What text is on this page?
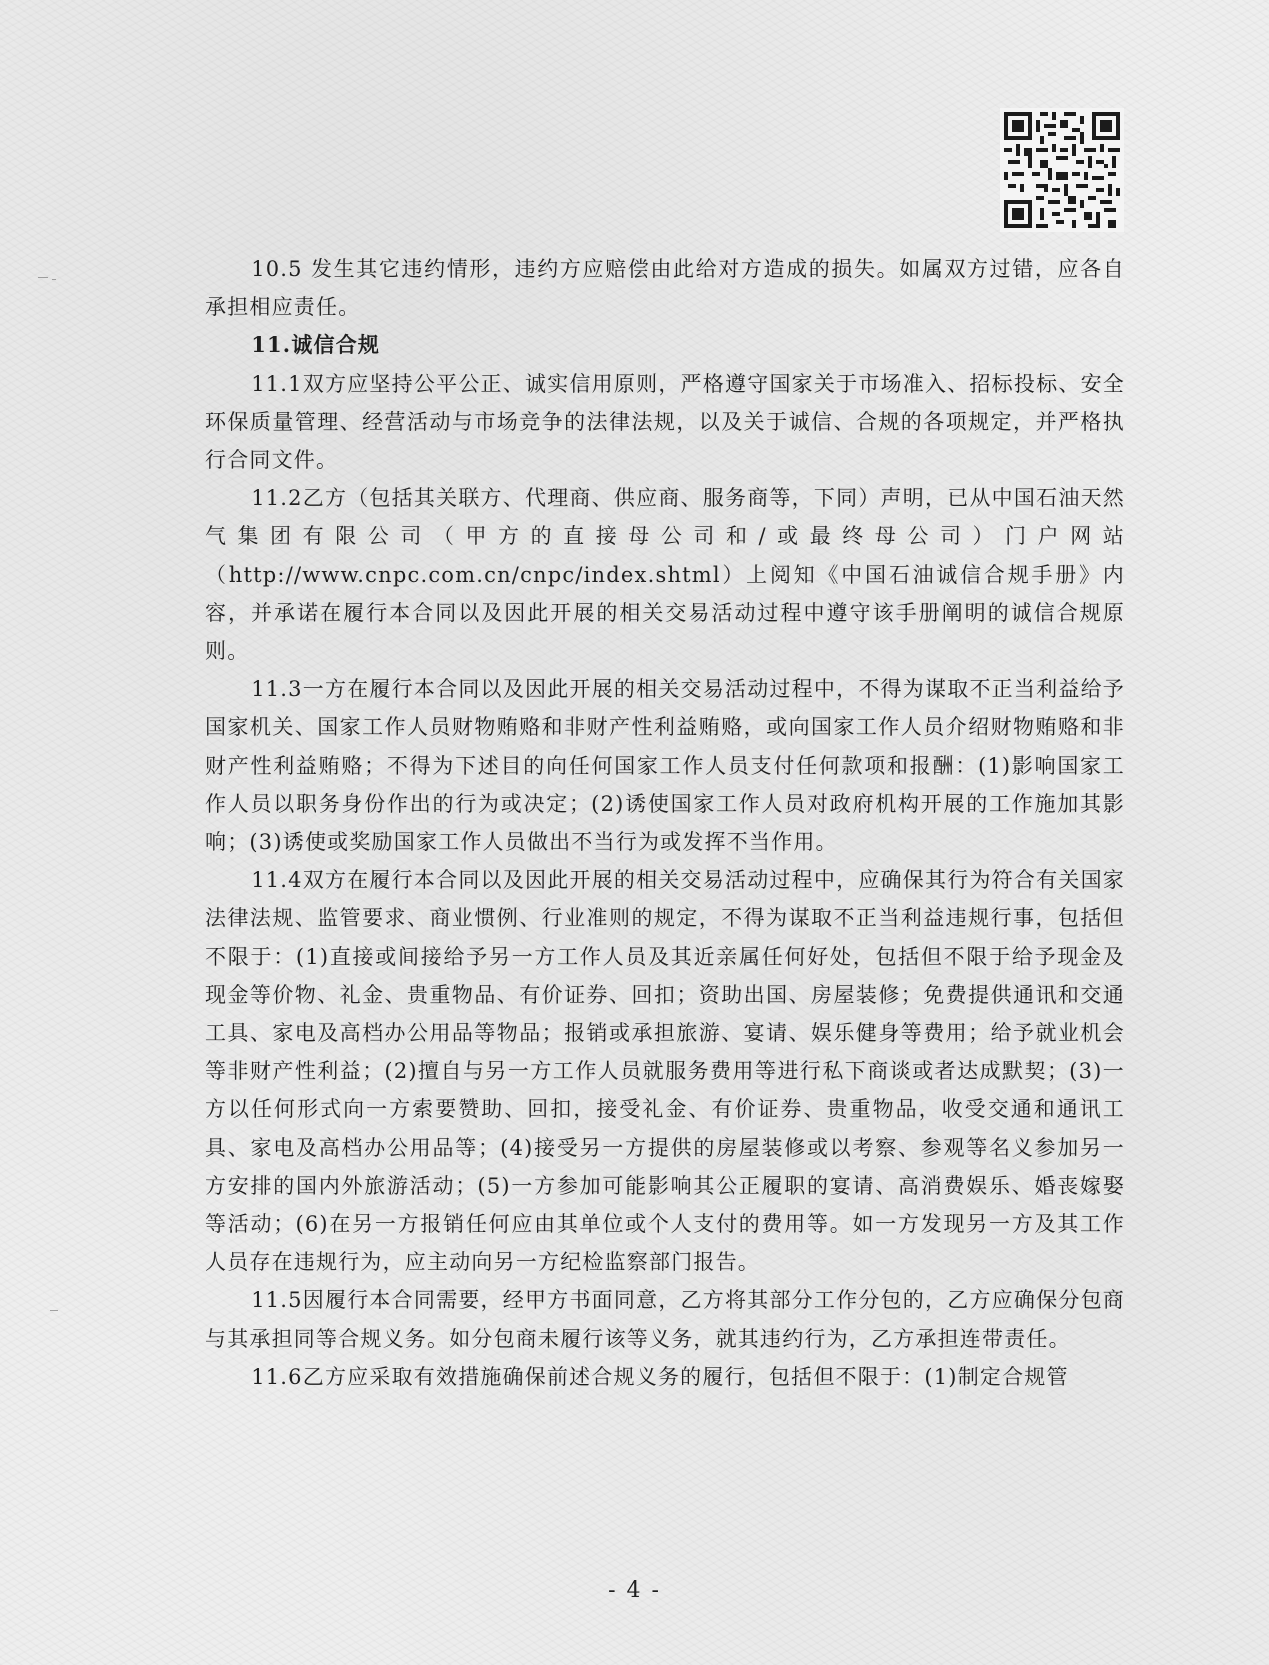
10.5 发生其它违约情形，违约方应赔偿由此给对方造成的损失。如属双方过错，应各自承担相应责任。

11.诚信合规

11.1双方应坚持公平公正、诚实信用原则，严格遵守国家关于市场准入、招标投标、安全环保质量管理、经营活动与市场竞争的法律法规，以及关于诚信、合规的各项规定，并严格执行合同文件。

11.2乙方（包括其关联方、代理商、供应商、服务商等，下同）声明，已从中国石油天然气集团有限公司（甲方的直接母公司和/或最终母公司）门户网站（http://www.cnpc.com.cn/cnpc/index.shtml）上阅知《中国石油诚信合规手册》内容，并承诺在履行本合同以及因此开展的相关交易活动过程中遵守该手册阐明的诚信合规原则。

11.3一方在履行本合同以及因此开展的相关交易活动过程中，不得为谋取不正当利益给予国家机关、国家工作人员财物贿赂和非财产性利益贿赂，或向国家工作人员介绍财物贿赂和非财产性利益贿赂；不得为下述目的向任何国家工作人员支付任何款项和报酬：(1)影响国家工作人员以职务身份作出的行为或决定；(2)诱使国家工作人员对政府机构开展的工作施加其影响；(3)诱使或奖励国家工作人员做出不当行为或发挥不当作用。

11.4双方在履行本合同以及因此开展的相关交易活动过程中，应确保其行为符合有关国家法律法规、监管要求、商业惯例、行业准则的规定，不得为谋取不正当利益违规行事，包括但不限于：(1)直接或间接给予另一方工作人员及其近亲属任何好处，包括但不限于给予现金及现金等价物、礼金、贵重物品、有价证券、回扣；资助出国、房屋装修；免费提供通讯和交通工具、家电及高档办公用品等物品；报销或承担旅游、宴请、娱乐健身等费用；给予就业机会等非财产性利益；(2)擅自与另一方工作人员就服务费用等进行私下商谈或者达成默契；(3)一方以任何形式向一方索要赞助、回扣，接受礼金、有价证券、贵重物品，收受交通和通讯工具、家电及高档办公用品等；(4)接受另一方提供的房屋装修或以考察、参观等名义参加另一方安排的国内外旅游活动；(5)一方参加可能影响其公正履职的宴请、高消费娱乐、婚丧嫁娶等活动；(6)在另一方报销任何应由其单位或个人支付的费用等。如一方发现另一方及其工作人员存在违规行为，应主动向另一方纪检监察部门报告。

11.5因履行本合同需要，经甲方书面同意，乙方将其部分工作分包的，乙方应确保分包商与其承担同等合规义务。如分包商未履行该等义务，就其违约行为，乙方承担连带责任。

11.6乙方应采取有效措施确保前述合规义务的履行，包括但不限于：(1)制定合规管

- 4 -
